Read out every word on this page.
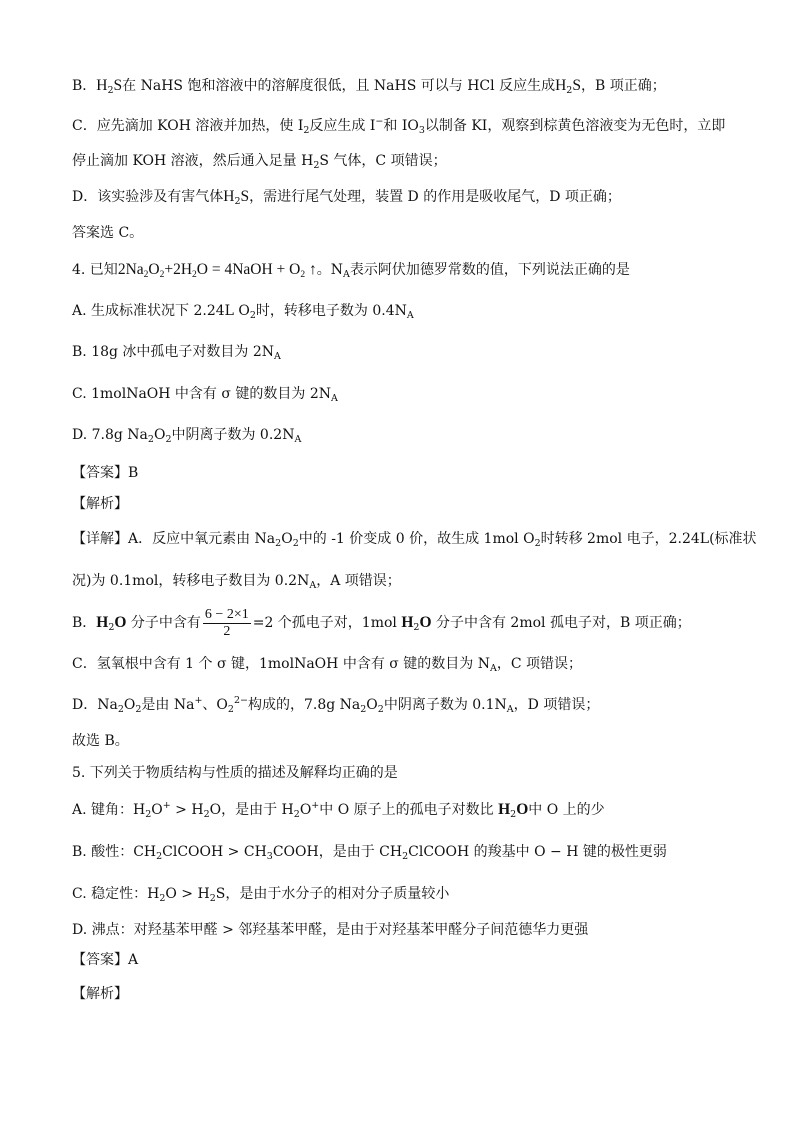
B．$H_2S$在 NaHS 饱和溶液中的溶解度很低，且 NaHS 可以与 HCl 反应生成$H_2S$，B 项正确；
C．应先滴加 KOH 溶液并加热，使 $I_2$反应生成 I−和 $IO_3$以制备 KI，观察到棕黄色溶液变为无色时，立即
停止滴加 KOH 溶液，然后通入足量 $H_2S$ 气体，C 项错误；
D．该实验涉及有害气体$H_2S$，需进行尾气处理，装置 D 的作用是吸收尾气，D 项正确；
答案选 C。
4. 已知$2Na_2O_2+2H_2O$ = 4NaOH + $O_2$ ↑。$N_A$表示阿伏加德罗常数的值，下列说法正确的是
A. 生成标准状况下 2.24L $O_2$时，转移电子数为 $0.4N_A$
B. 18g 冰中孤电子对数目为 $2N_A$
C. 1molNaOH 中含有 σ 键的数目为 $2N_A$
D. 7.8g $Na_2O_2$中阴离子数为 $0.2N_A$
【答案】B
【解析】
【详解】A．反应中氧元素由 $Na_2O_2$中的 -1 价变成 0 价，故生成 1mol $O_2$时转移 2mol 电子，2.24L(标准状
况)为 0.1mol，转移电子数目为 $0.2N_A$，A 项错误；
B．$H_2O$ 分子中含有 $\frac{6 - 2\times 1}{2} =2$ 个孤电子对，1mol $H_2O$ 分子中含有 2mol 孤电子对，B 项正确；
C．氢氧根中含有 1 个 σ 键，1molNaOH 中含有 σ 键的数目为 $N_A$，C 项错误；
D．$Na_2O_2$是由 Na+、$O_2^{2-}$构成的，7.8g $Na_2O_2$中阴离子数为 $0.1N_A$，D 项错误；
故选 B。
5. 下列关于物质结构与性质的描述及解释均正确的是
A. 键角：$H_2O^+ > H_2O$，是由于 $H_2O^+$中 O 原子上的孤电子对数比 $H_2O$中 O 上的少
B. 酸性：$CH_2ClCOOH$ > $CH_3COOH$，是由于 $CH_2ClCOOH$ 的羧基中 O − H 键的极性更弱
C. 稳定性：$H_2O > H_2S$，是由于水分子的相对分子质量较小
D. 沸点：对羟基苯甲醛 > 邻羟基苯甲醛，是由于对羟基苯甲醛分子间范德华力更强
【答案】A
【解析】
